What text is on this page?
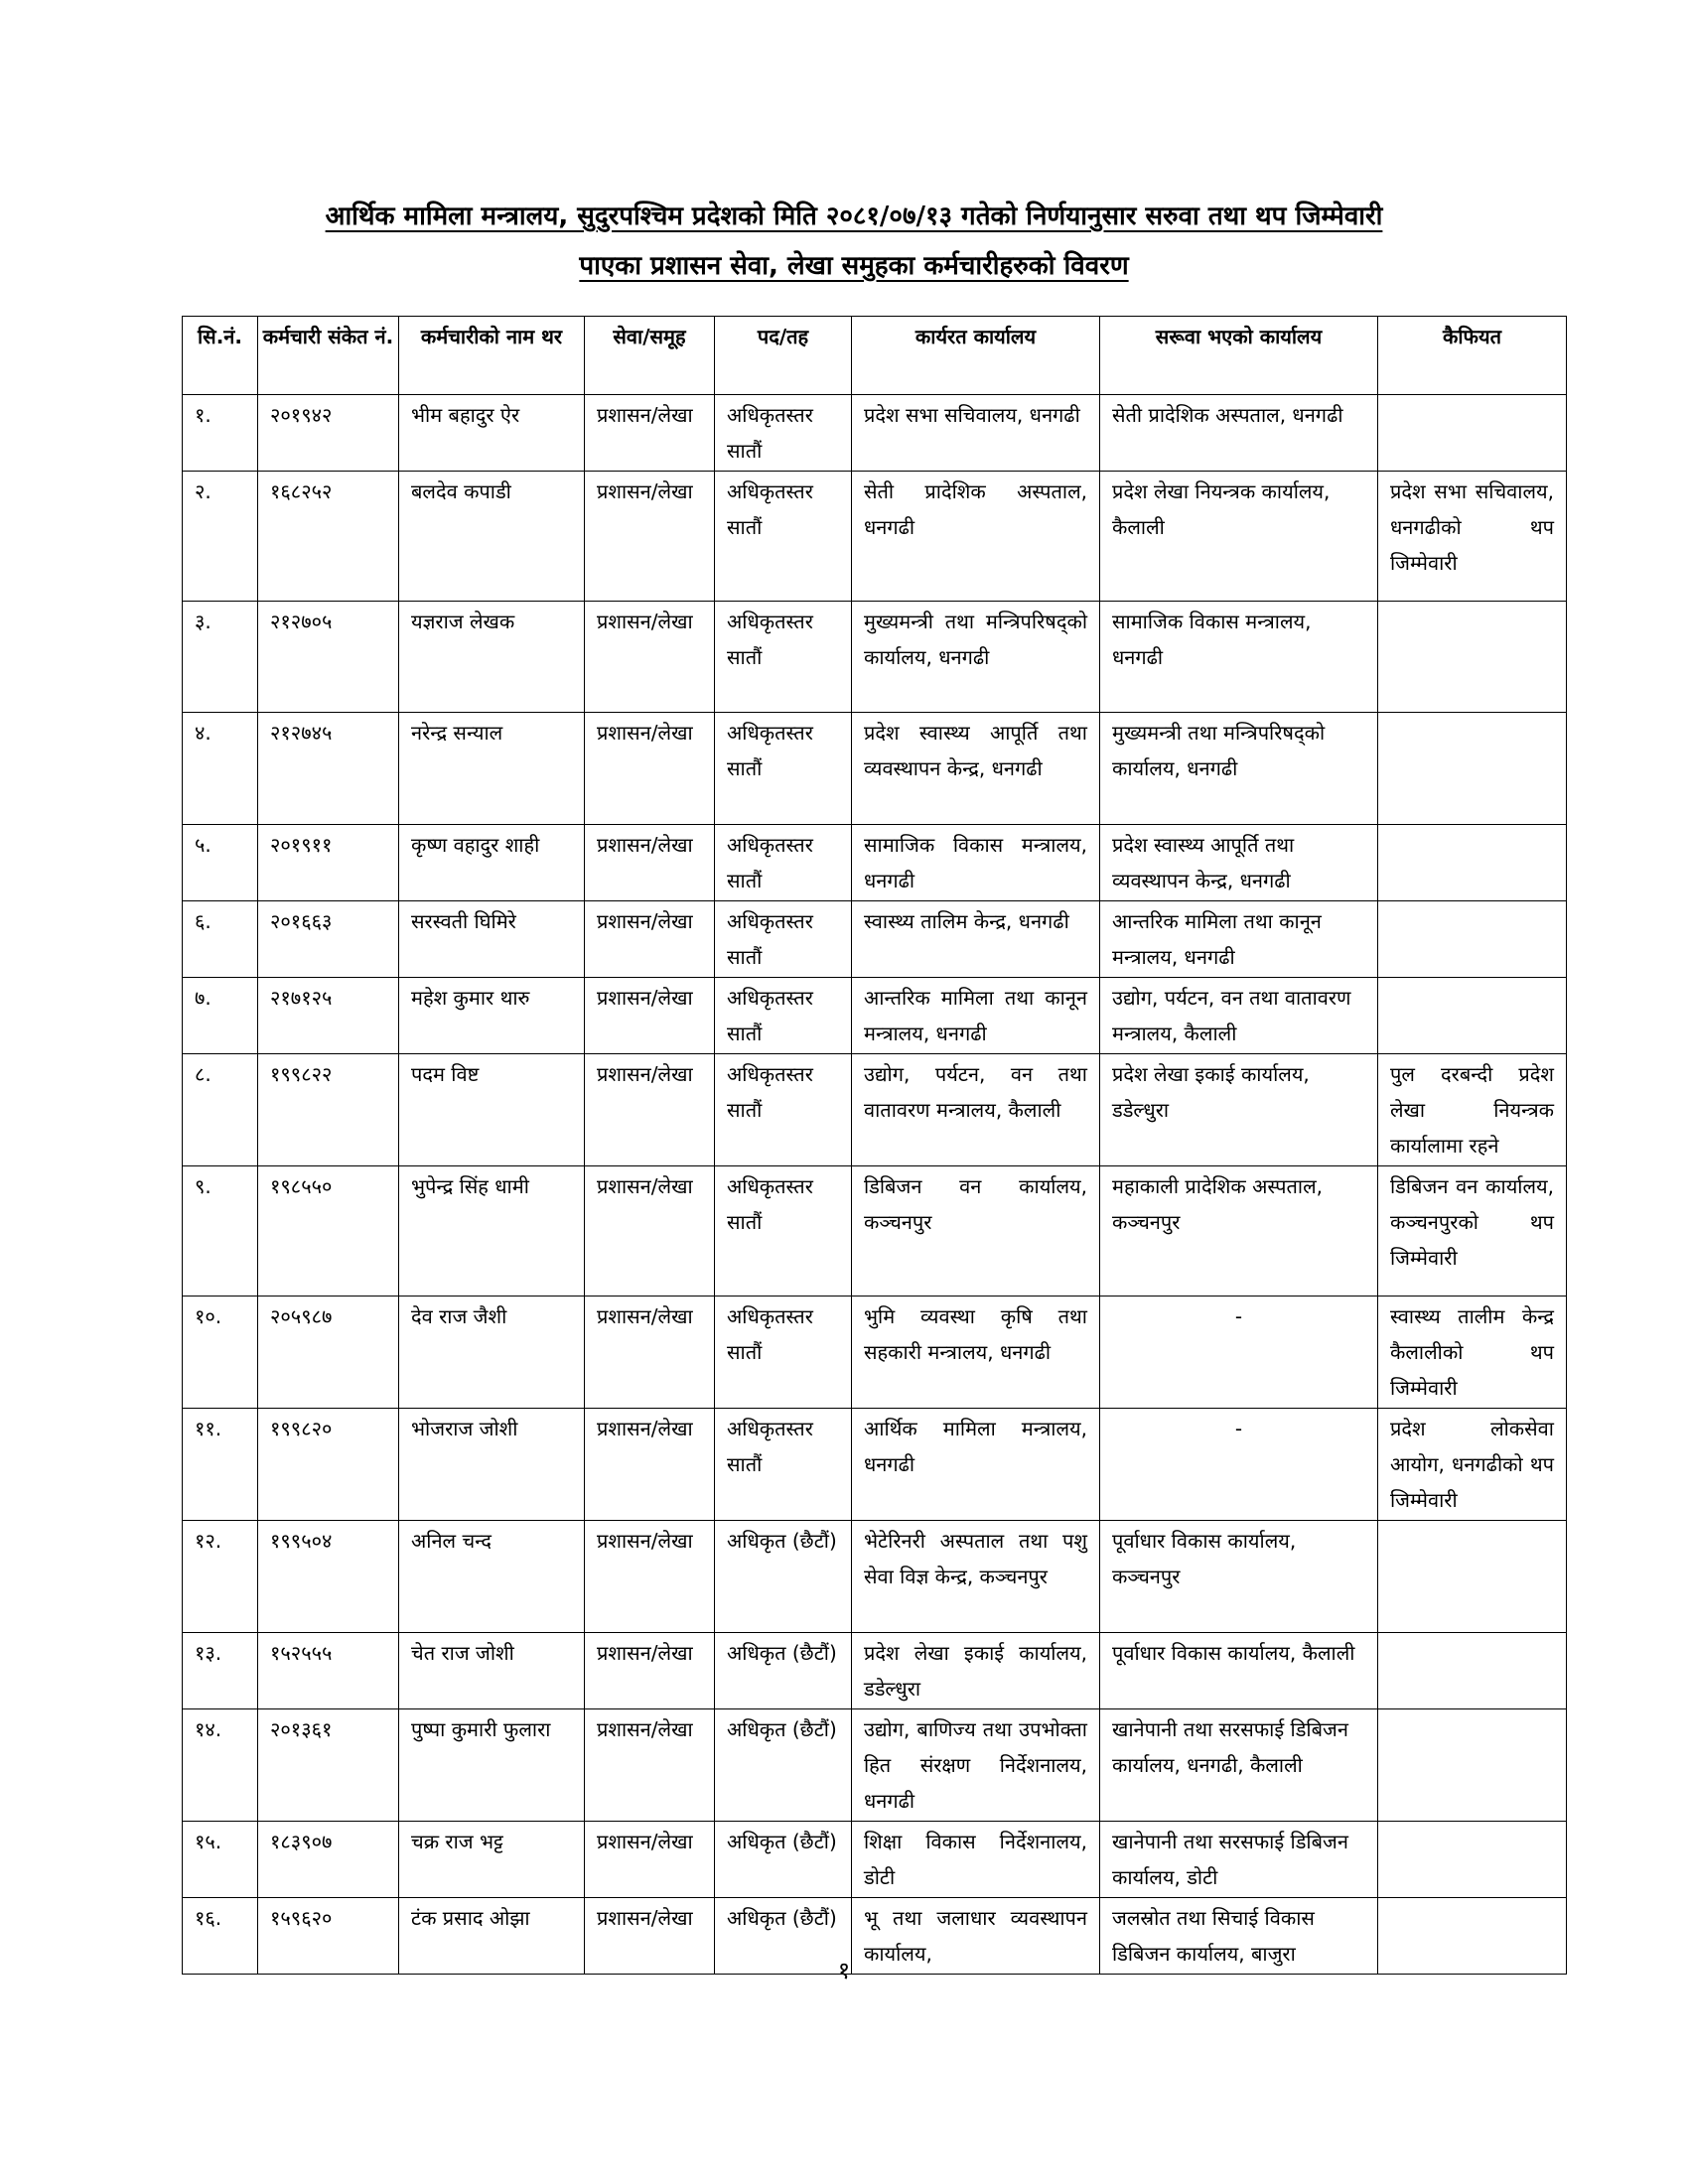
आर्थिक मामिला मन्त्रालय, सुदुरपश्चिम प्रदेशको मिति २०८१/०७/१३ गतेको निर्णयानुसार सरुवा तथा थप जिम्मेवारी
पाएका प्रशासन सेवा, लेखा समुहका कर्मचारीहरुको विवरण
सि.नं.	कर्मचारी संकेत नं.	कर्मचारीको नाम थर	सेवा/समूह	पद/तह	कार्यरत कार्यालय	सरूवा भएको कार्यालय	कैफियत
१.	२०१९४२	भीम बहादुर ऐर	प्रशासन/लेखा	अधिकृतस्तर सातौं	प्रदेश सभा सचिवालय, धनगढी	सेती प्रादेशिक अस्पताल, धनगढी	
२.	१६८२५२	बलदेव कपाडी	प्रशासन/लेखा	अधिकृतस्तर सातौं	सेती प्रादेशिक अस्पताल, धनगढी	प्रदेश लेखा नियन्त्रक कार्यालय, कैलाली	प्रदेश सभा सचिवालय, धनगढीको थप जिम्मेवारी
३.	२१२७०५	यज्ञराज लेखक	प्रशासन/लेखा	अधिकृतस्तर सातौं	मुख्यमन्त्री तथा मन्त्रिपरिषद्को कार्यालय, धनगढी	सामाजिक विकास मन्त्रालय, धनगढी	
४.	२१२७४५	नरेन्द्र सन्याल	प्रशासन/लेखा	अधिकृतस्तर सातौं	प्रदेश स्वास्थ्य आपूर्ति तथा व्यवस्थापन केन्द्र, धनगढी	मुख्यमन्त्री तथा मन्त्रिपरिषद्को कार्यालय, धनगढी	
५.	२०१९११	कृष्ण वहादुर शाही	प्रशासन/लेखा	अधिकृतस्तर सातौं	सामाजिक विकास मन्त्रालय, धनगढी	प्रदेश स्वास्थ्य आपूर्ति तथा व्यवस्थापन केन्द्र, धनगढी	
६.	२०१६६३	सरस्वती घिमिरे	प्रशासन/लेखा	अधिकृतस्तर सातौं	स्वास्थ्य तालिम केन्द्र, धनगढी	आन्तरिक मामिला तथा कानून मन्त्रालय, धनगढी	
७.	२१७१२५	महेश कुमार थारु	प्रशासन/लेखा	अधिकृतस्तर सातौं	आन्तरिक मामिला तथा कानून मन्त्रालय, धनगढी	उद्योग, पर्यटन, वन तथा वातावरण मन्त्रालय, कैलाली	
८.	१९९८२२	पदम विष्ट	प्रशासन/लेखा	अधिकृतस्तर सातौं	उद्योग, पर्यटन, वन तथा वातावरण मन्त्रालय, कैलाली	प्रदेश लेखा इकाई कार्यालय, डडेल्धुरा	पुल दरबन्दी प्रदेश लेखा नियन्त्रक कार्यालामा रहने
९.	१९८५५०	भुपेन्द्र सिंह धामी	प्रशासन/लेखा	अधिकृतस्तर सातौं	डिबिजन वन कार्यालय, कञ्चनपुर	महाकाली प्रादेशिक अस्पताल, कञ्चनपुर	डिबिजन वन कार्यालय, कञ्चनपुरको थप जिम्मेवारी
१०.	२०५९८७	देव राज जैशी	प्रशासन/लेखा	अधिकृतस्तर सातौं	भुमि व्यवस्था कृषि तथा सहकारी मन्त्रालय, धनगढी	-	स्वास्थ्य तालीम केन्द्र कैलालीको थप जिम्मेवारी
११.	१९९८२०	भोजराज जोशी	प्रशासन/लेखा	अधिकृतस्तर सातौं	आर्थिक मामिला मन्त्रालय, धनगढी	-	प्रदेश लोकसेवा आयोग, धनगढीको थप जिम्मेवारी
१२.	१९९५०४	अनिल चन्द	प्रशासन/लेखा	अधिकृत (छैटौं)	भेटेरिनरी अस्पताल तथा पशु सेवा विज्ञ केन्द्र, कञ्चनपुर	पूर्वाधार विकास कार्यालय, कञ्चनपुर	
१३.	१५२५५५	चेत राज जोशी	प्रशासन/लेखा	अधिकृत (छैटौं)	प्रदेश लेखा इकाई कार्यालय, डडेल्धुरा	पूर्वाधार विकास कार्यालय, कैलाली	
१४.	२०१३६१	पुष्पा कुमारी फुलारा	प्रशासन/लेखा	अधिकृत (छैटौं)	उद्योग, बाणिज्य तथा उपभोक्ता हित संरक्षण निर्देशनालय, धनगढी	खानेपानी तथा सरसफाई डिबिजन कार्यालय, धनगढी, कैलाली	
१५.	१८३९०७	चक्र राज भट्ट	प्रशासन/लेखा	अधिकृत (छैटौं)	शिक्षा विकास निर्देशनालय, डोटी	खानेपानी तथा सरसफाई डिबिजन कार्यालय, डोटी	
१६.	१५९६२०	टंक प्रसाद ओझा	प्रशासन/लेखा	अधिकृत (छैटौं)	भू तथा जलाधार व्यवस्थापन कार्यालय,	जलस्रोत तथा सिचाई विकास डिबिजन कार्यालय, बाजुरा	
१
